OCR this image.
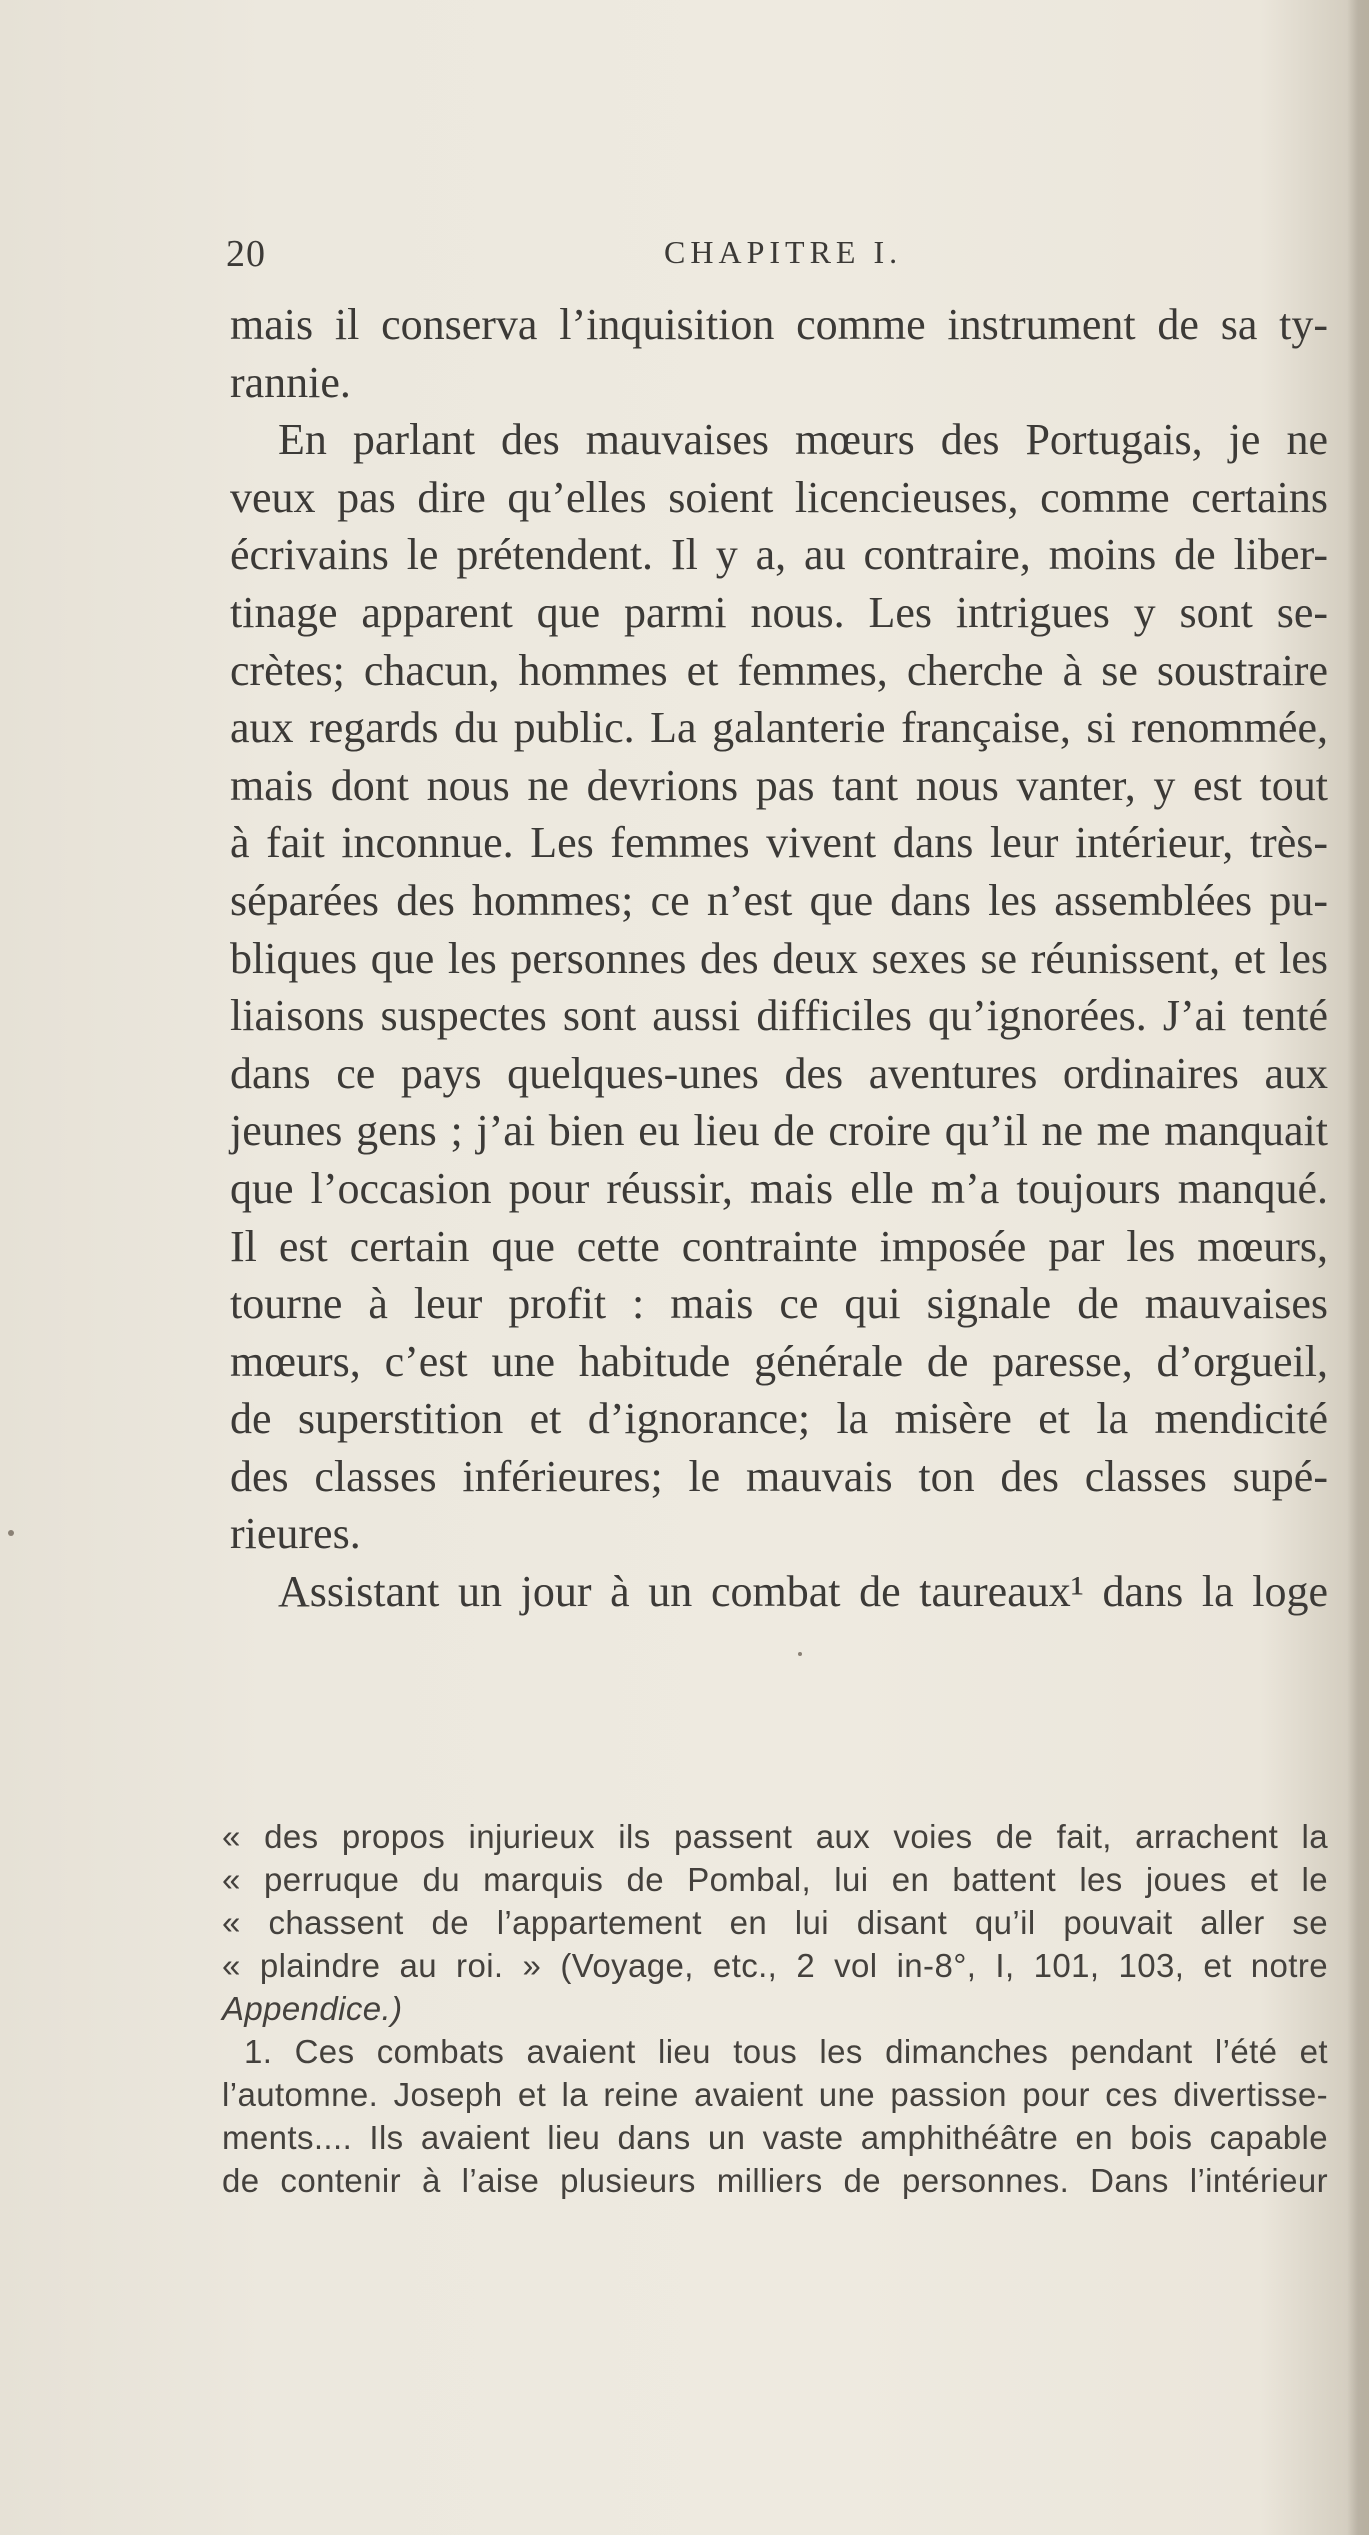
20	CHAPITRE I.
mais il conserva l’inquisition comme instrument de sa ty-
rannie.
En parlant des mauvaises mœurs des Portugais, je ne
veux pas dire qu’elles soient licencieuses, comme certains
écrivains le prétendent. Il y a, au contraire, moins de liber-
tinage apparent que parmi nous. Les intrigues y sont se-
crètes; chacun, hommes et femmes, cherche à se soustraire
aux regards du public. La galanterie française, si renommée,
mais dont nous ne devrions pas tant nous vanter, y est tout
à fait inconnue. Les femmes vivent dans leur intérieur, très-
séparées des hommes; ce n’est que dans les assemblées pu-
bliques que les personnes des deux sexes se réunissent, et les
liaisons suspectes sont aussi difficiles qu’ignorées. J’ai tenté
dans ce pays quelques-unes des aventures ordinaires aux
jeunes gens ; j’ai bien eu lieu de croire qu’il ne me manquait
que l’occasion pour réussir, mais elle m’a toujours manqué.
Il est certain que cette contrainte imposée par les mœurs,
tourne à leur profit : mais ce qui signale de mauvaises
mœurs, c’est une habitude générale de paresse, d’orgueil,
de superstition et d’ignorance; la misère et la mendicité
des classes inférieures; le mauvais ton des classes supé-
rieures.
Assistant un jour à un combat de taureaux¹ dans la loge
« des propos injurieux ils passent aux voies de fait, arrachent la
« perruque du marquis de Pombal, lui en battent les joues et le
« chassent de l’appartement en lui disant qu’il pouvait aller se
« plaindre au roi. » (Voyage, etc., 2 vol in-8°, I, 101, 103, et notre
Appendice.)
1. Ces combats avaient lieu tous les dimanches pendant l’été et
l’automne. Joseph et la reine avaient une passion pour ces divertisse-
ments.... Ils avaient lieu dans un vaste amphithéâtre en bois capable
de contenir à l’aise plusieurs milliers de personnes. Dans l’intérieur
